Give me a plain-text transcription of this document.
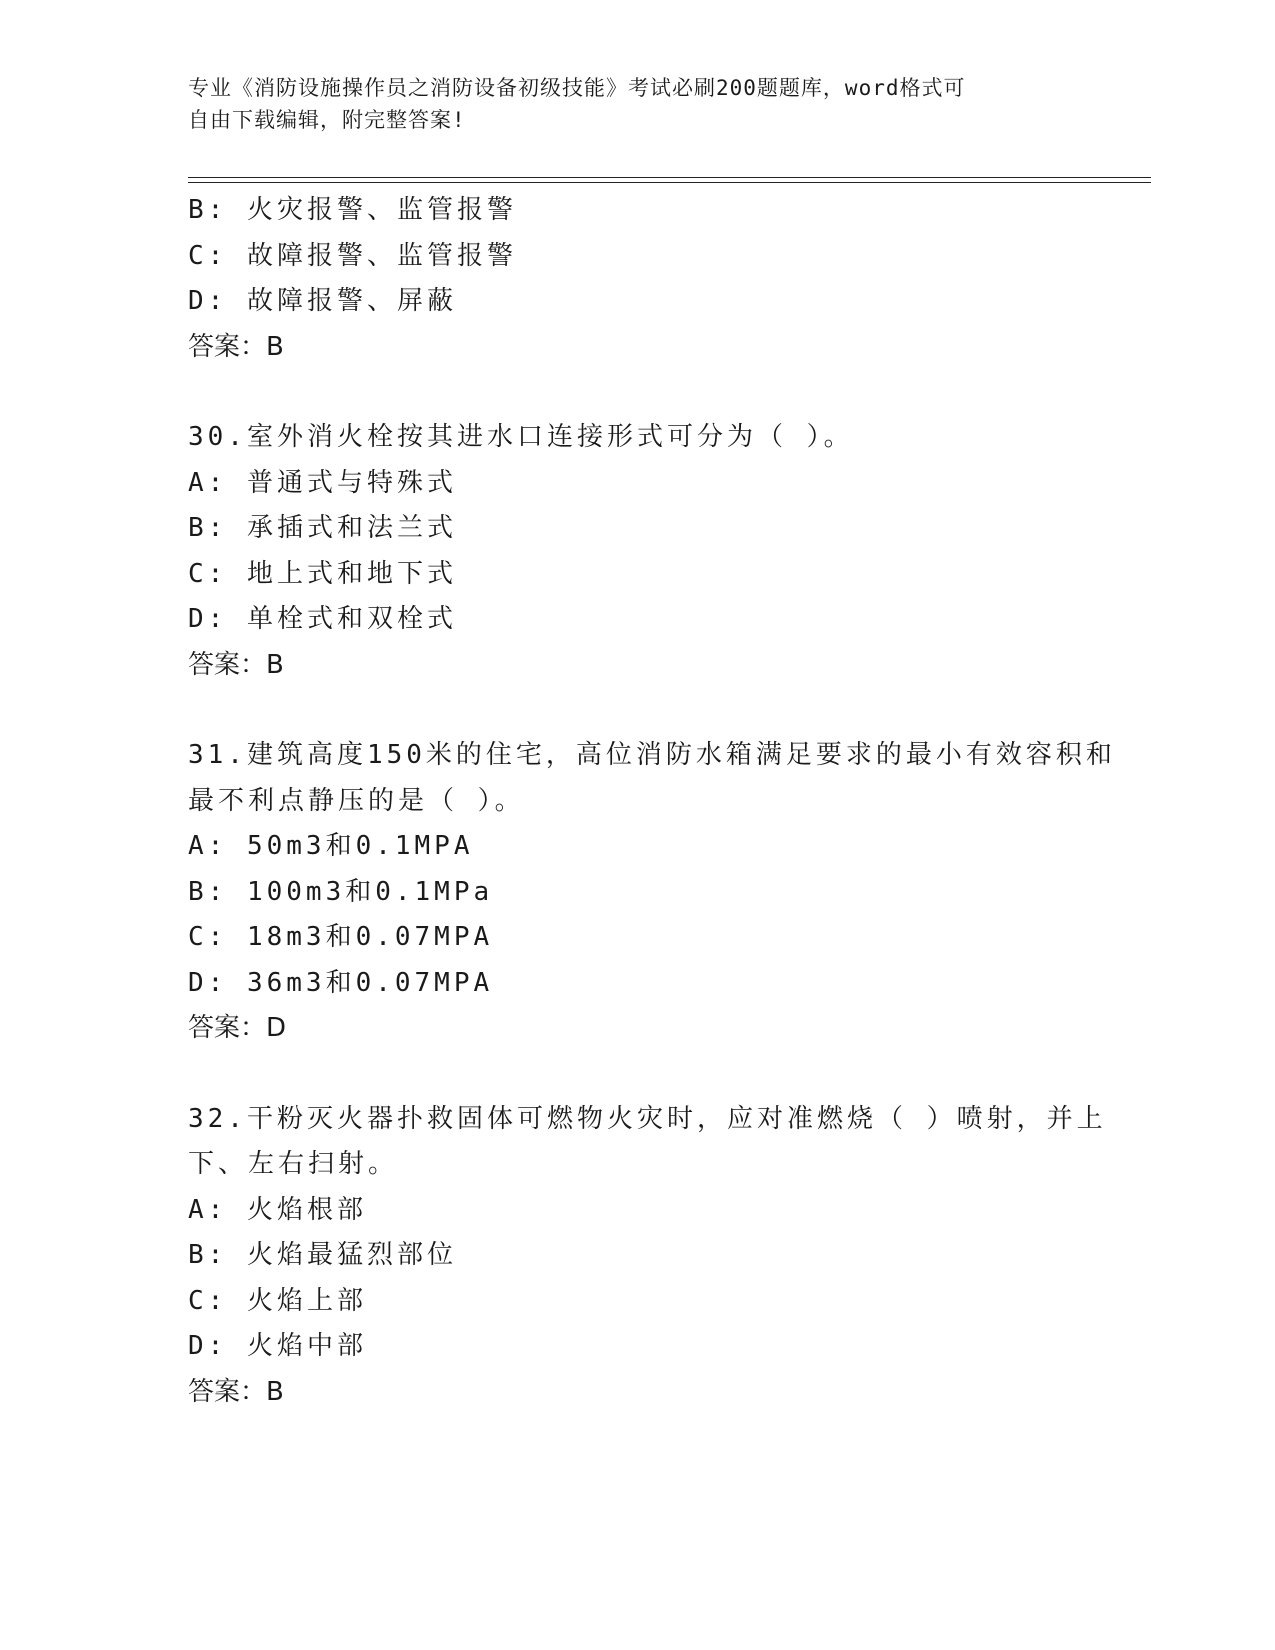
专业《消防设施操作员之消防设备初级技能》考试必刷200题题库，word格式可
自由下载编辑，附完整答案!
B: 火灾报警、监管报警
C: 故障报警、监管报警
D: 故障报警、屏蔽
答案：B
30.室外消火栓按其进水口连接形式可分为（ ）。
A: 普通式与特殊式
B: 承插式和法兰式
C: 地上式和地下式
D: 单栓式和双栓式
答案：B
31.建筑高度150米的住宅，高位消防水箱满足要求的最小有效容积和
最不利点静压的是（ ）。
A: 50m3和0.1MPA
B: 100m3和0.1MPa
C: 18m3和0.07MPA
D: 36m3和0.07MPA
答案：D
32.干粉灭火器扑救固体可燃物火灾时，应对准燃烧（ ）喷射，并上
下、左右扫射。
A: 火焰根部
B: 火焰最猛烈部位
C: 火焰上部
D: 火焰中部
答案：B
